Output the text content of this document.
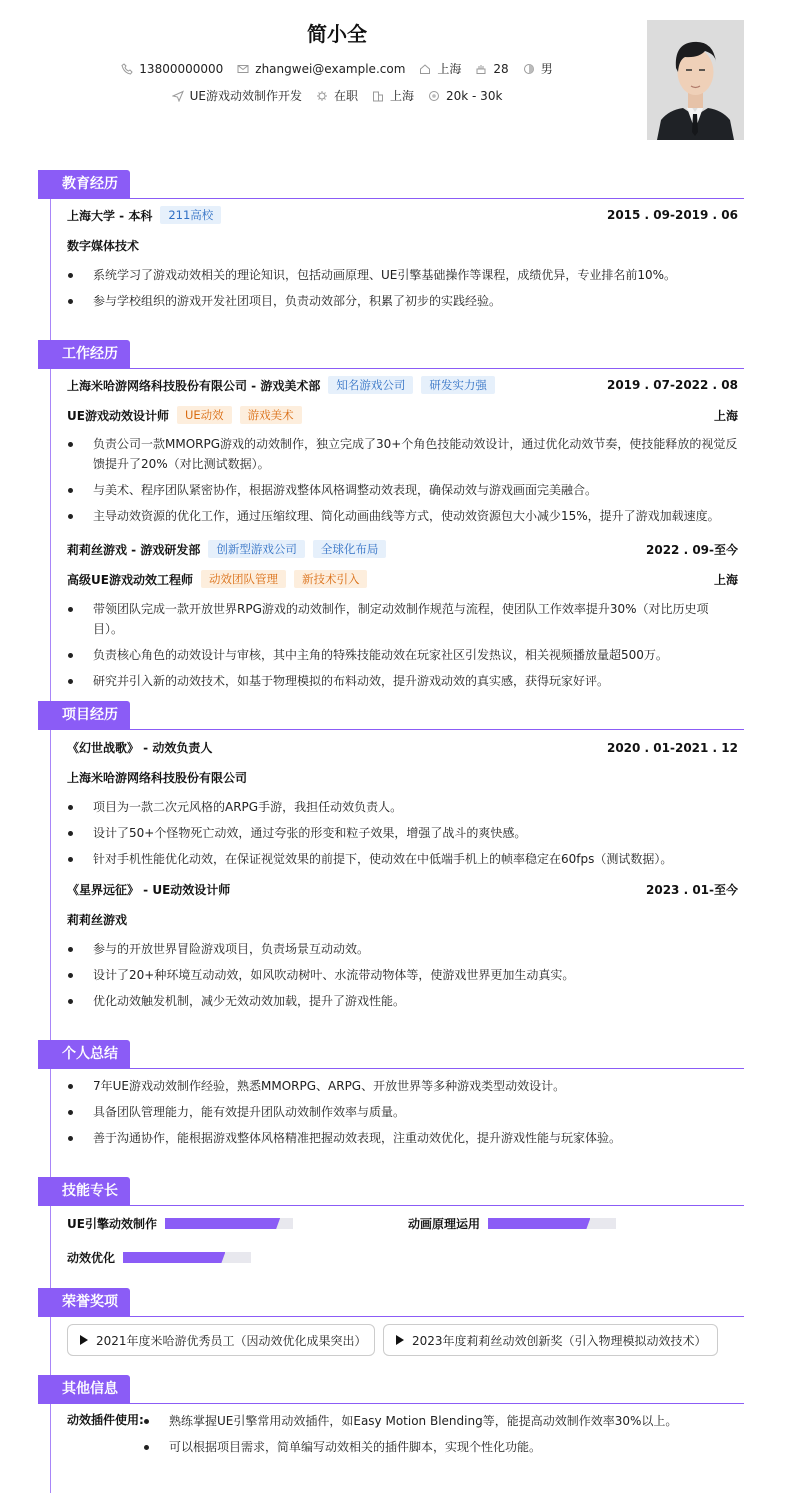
简小全
13800000000	zhangwei@example.com	上海	28	男
UE游戏动效制作开发	在职	上海	20k - 30k
教育经历
上海大学 - 本科	211高校	2015 . 09-2019 . 06
数字媒体技术
系统学习了游戏动效相关的理论知识，包括动画原理、UE引擎基础操作等课程，成绩优异，专业排名前10%。
参与学校组织的游戏开发社团项目，负责动效部分，积累了初步的实践经验。
工作经历
上海米哈游网络科技股份有限公司 - 游戏美术部	知名游戏公司	研发实力强	2019 . 07-2022 . 08
UE游戏动效设计师	UE动效	游戏美术	上海
负责公司一款MMORPG游戏的动效制作，独立完成了30+个角色技能动效设计，通过优化动效节奏，使技能释放的视觉反馈提升了20%（对比测试数据）。
与美术、程序团队紧密协作，根据游戏整体风格调整动效表现，确保动效与游戏画面完美融合。
主导动效资源的优化工作，通过压缩纹理、简化动画曲线等方式，使动效资源包大小减少15%，提升了游戏加载速度。
莉莉丝游戏 - 游戏研发部	创新型游戏公司	全球化布局	2022 . 09-至今
高级UE游戏动效工程师	动效团队管理	新技术引入	上海
带领团队完成一款开放世界RPG游戏的动效制作，制定动效制作规范与流程，使团队工作效率提升30%（对比历史项目）。
负责核心角色的动效设计与审核，其中主角的特殊技能动效在玩家社区引发热议，相关视频播放量超500万。
研究并引入新的动效技术，如基于物理模拟的布料动效，提升游戏动效的真实感，获得玩家好评。
项目经历
《幻世战歌》 - 动效负责人	2020 . 01-2021 . 12
上海米哈游网络科技股份有限公司
项目为一款二次元风格的ARPG手游，我担任动效负责人。
设计了50+个怪物死亡动效，通过夸张的形变和粒子效果，增强了战斗的爽快感。
针对手机性能优化动效，在保证视觉效果的前提下，使动效在中低端手机上的帧率稳定在60fps（测试数据）。
《星界远征》 - UE动效设计师	2023 . 01-至今
莉莉丝游戏
参与的开放世界冒险游戏项目，负责场景互动动效。
设计了20+种环境互动动效，如风吹动树叶、水流带动物体等，使游戏世界更加生动真实。
优化动效触发机制，减少无效动效加载，提升了游戏性能。
个人总结
7年UE游戏动效制作经验，熟悉MMORPG、ARPG、开放世界等多种游戏类型动效设计。
具备团队管理能力，能有效提升团队动效制作效率与质量。
善于沟通协作，能根据游戏整体风格精准把握动效表现，注重动效优化，提升游戏性能与玩家体验。
技能专长
UE引擎动效制作	动画原理运用
动效优化
荣誉奖项
2021年度米哈游优秀员工（因动效优化成果突出）	2023年度莉莉丝动效创新奖（引入物理模拟动效技术）
其他信息
动效插件使用:	熟练掌握UE引擎常用动效插件，如Easy Motion Blending等，能提高动效制作效率30%以上。
可以根据项目需求，简单编写动效相关的插件脚本，实现个性化功能。
